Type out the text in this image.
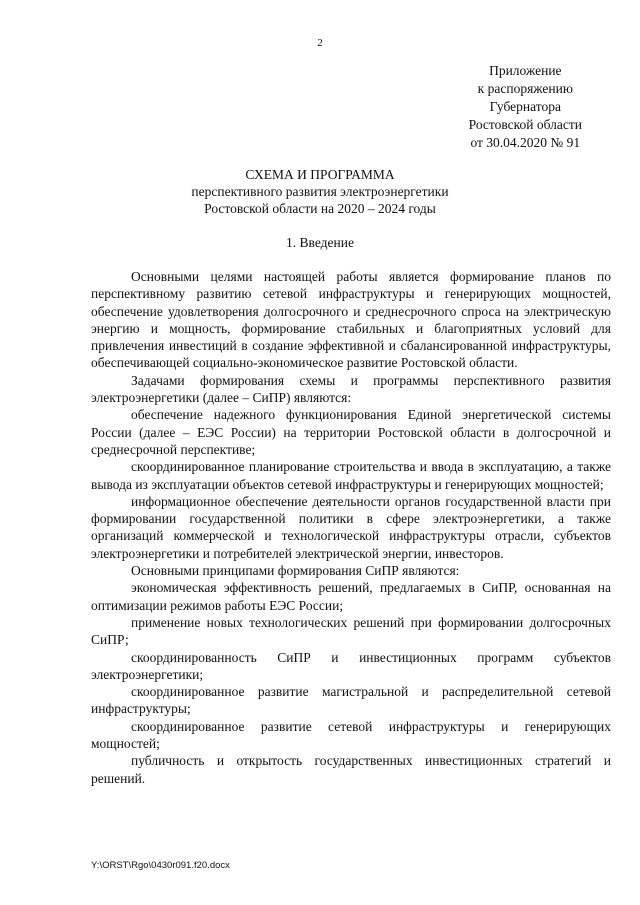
2
Приложение
к распоряжению
Губернатора
Ростовской области
от 30.04.2020 № 91
СХЕМА И ПРОГРАММА
перспективного развития электроэнергетики
Ростовской области на 2020 – 2024 годы
1. Введение

Основными целями настоящей работы является формирование планов по перспективному развитию сетевой инфраструктуры и генерирующих мощностей, обеспечение удовлетворения долгосрочного и среднесрочного спроса на электрическую энергию и мощность, формирование стабильных и благоприятных условий для привлечения инвестиций в создание эффективной и сбалансированной инфраструктуры, обеспечивающей социально-экономическое развитие Ростовской области.

Задачами формирования схемы и программы перспективного развития электроэнергетики (далее – СиПР) являются:

обеспечение надежного функционирования Единой энергетической системы России (далее – ЕЭС России) на территории Ростовской области в долгосрочной и среднесрочной перспективе;

скоординированное планирование строительства и ввода в эксплуатацию, а также вывода из эксплуатации объектов сетевой инфраструктуры и генерирующих мощностей;

информационное обеспечение деятельности органов государственной власти при формировании государственной политики в сфере электроэнергетики, а также организаций коммерческой и технологической инфраструктуры отрасли, субъектов электроэнергетики и потребителей электрической энергии, инвесторов.

Основными принципами формирования СиПР являются:

экономическая эффективность решений, предлагаемых в СиПР, основанная на оптимизации режимов работы ЕЭС России;

применение новых технологических решений при формировании долгосрочных СиПР;

скоординированность СиПР и инвестиционных программ субъектов электроэнергетики;

скоординированное развитие магистральной и распределительной сетевой инфраструктуры;

скоординированное развитие сетевой инфраструктуры и генерирующих мощностей;

публичность и открытость государственных инвестиционных стратегий и решений.

Y:\ORST\Rgo\0430r091.f20.docx
